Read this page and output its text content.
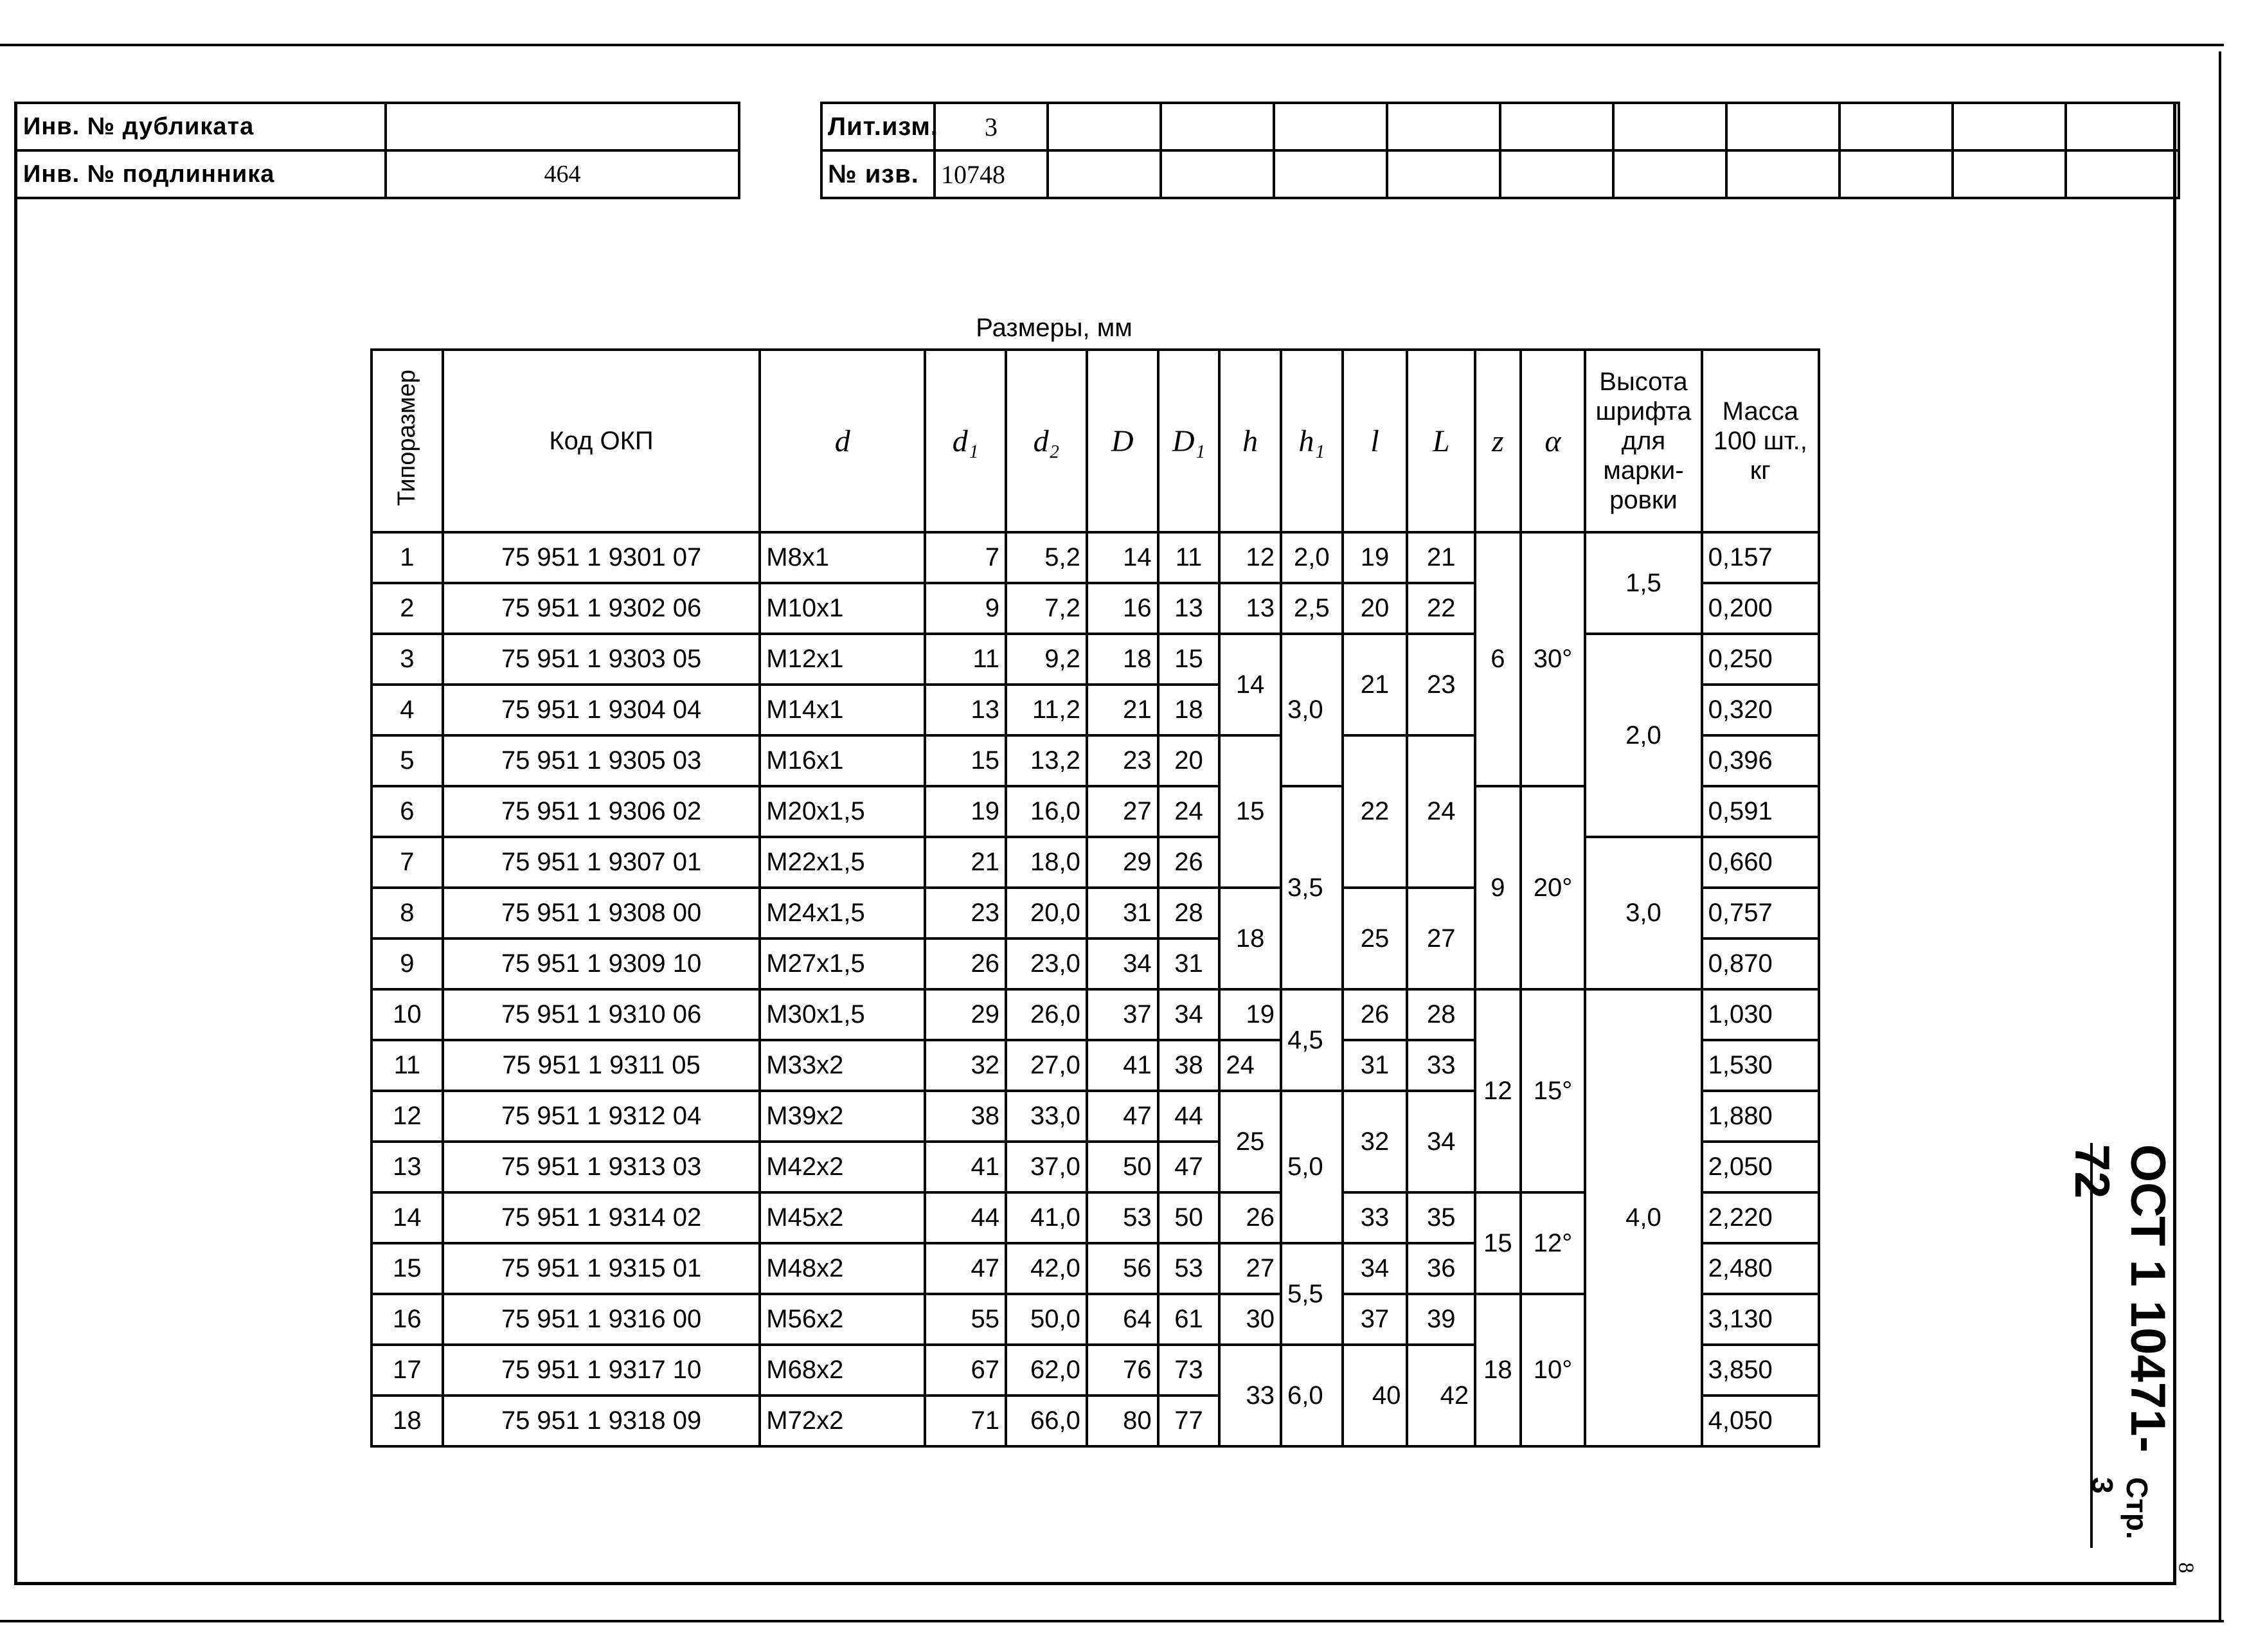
8
Инв. № дубликата	
Инв. № подлинника	464
Лит.изм.	3										
№ изв.	10748										
Размеры, мм
Типоразмер	Код ОКП	d	d₁	d₂	D	D₁	h	h₁	l	L	z	α	Высота шрифта для марки-ровки	Масса 100 шт., кг
1	75 951 1 9301 07	M8x1	7	5,2	14	11	12	2,0	19	21	6	30°	1,5	0,157
2	75 951 1 9302 06	M10x1	9	7,2	16	13	13	2,5	20	22				0,200
3	75 951 1 9303 05	M12x1	11	9,2	18	15	14	3,0	21	23			2,0	0,250
4	75 951 1 9304 04	M14x1	13	11,2	21	18								0,320
5	75 951 1 9305 03	M16x1	15	13,2	23	20	15		22	24				0,396
6	75 951 1 9306 02	M20x1,5	19	16,0	27	24		3,5			9	20°		0,591
7	75 951 1 9307 01	M22x1,5	21	18,0	29	26							3,0	0,660
8	75 951 1 9308 00	M24x1,5	23	20,0	31	28	18		25	27				0,757
9	75 951 1 9309 10	M27x1,5	26	23,0	34	31								0,870
10	75 951 1 9310 06	M30x1,5	29	26,0	37	34	19	4,5	26	28	12	15°	4,0	1,030
11	75 951 1 9311 05	M33x2	32	27,0	41	38	24		31	33				1,530
12	75 951 1 9312 04	M39x2	38	33,0	47	44	25	5,0	32	34				1,880
13	75 951 1 9313 03	M42x2	41	37,0	50	47								2,050
14	75 951 1 9314 02	M45x2	44	41,0	53	50	26		33	35	15	12°		2,220
15	75 951 1 9315 01	M48x2	47	42,0	56	53	27	5,5	34	36				2,480
16	75 951 1 9316 00	M56x2	55	50,0	64	61	30		37	39	18	10°		3,130
17	75 951 1 9317 10	M68x2	67	62,0	76	73	33	6,0	40	42				3,850
18	75 951 1 9318 09	M72x2	71	66,0	80	77								4,050	ОСТ 1 10471-72
Стр. 3
